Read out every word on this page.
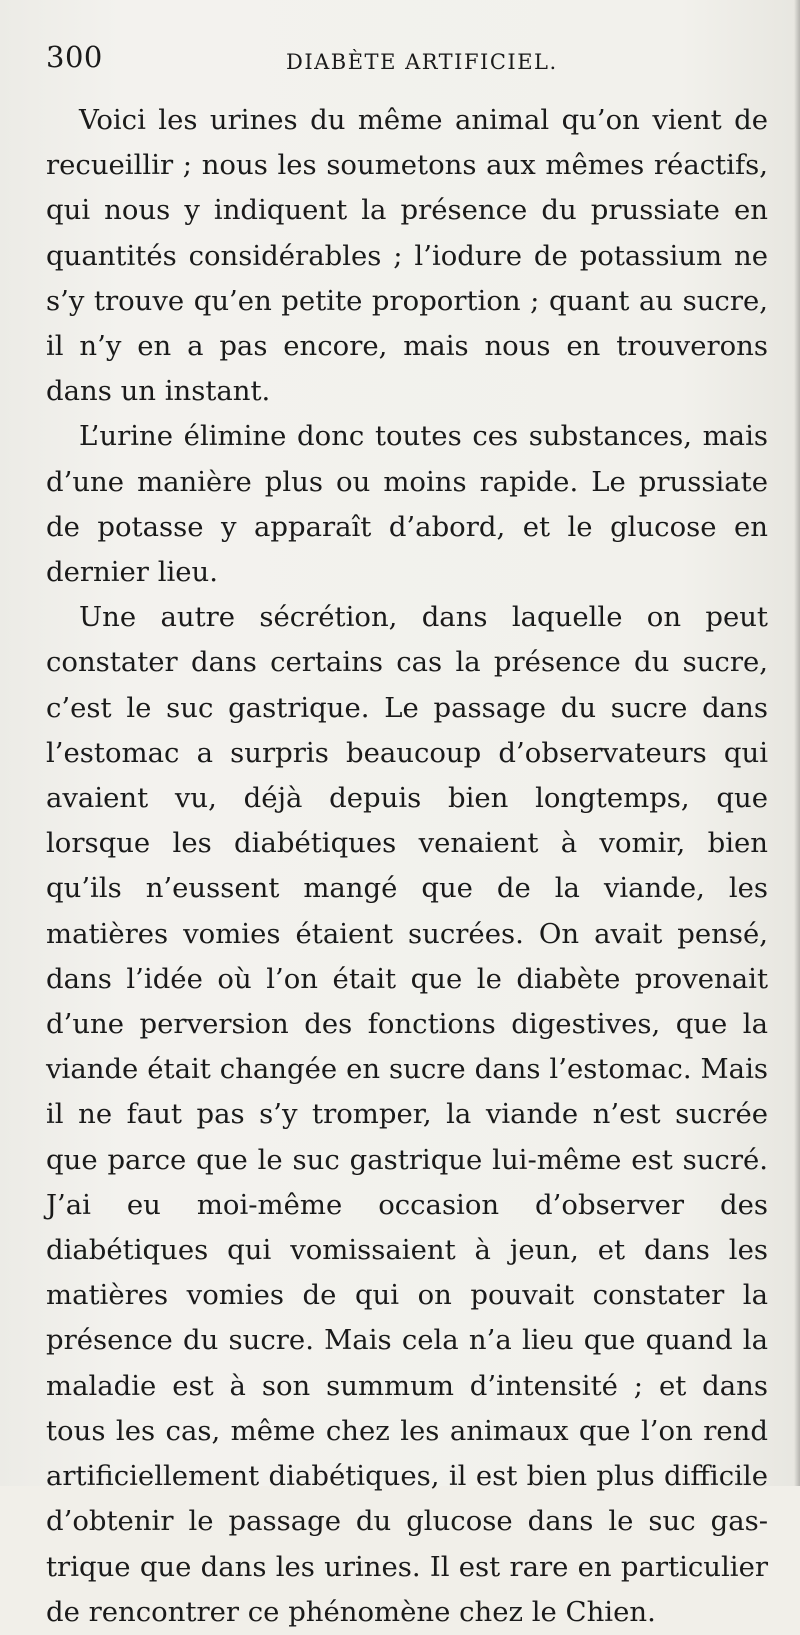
300	DIABÈTE ARTIFICIEL.

Voici les urines du même animal qu’on vient de recueillir ; nous les soumetons aux mêmes réactifs, qui nous y indiquent la présence du prussiate en quantités considérables ; l’iodure de potassium ne s’y trouve qu’en petite proportion ; quant au sucre, il n’y en a pas encore, mais nous en trouverons dans un instant.

L’urine élimine donc toutes ces substances, mais d’une manière plus ou moins rapide. Le prussiate de potasse y apparaît d’abord, et le glucose en dernier lieu.

Une autre sécrétion, dans laquelle on peut constater dans certains cas la présence du sucre, c’est le suc gastrique. Le passage du sucre dans l’estomac a surpris beaucoup d’observateurs qui avaient vu, déjà depuis bien longtemps, que lorsque les diabétiques venaient à vomir, bien qu’ils n’eussent mangé que de la viande, les matières vomies étaient sucrées. On avait pensé, dans l’idée où l’on était que le diabète provenait d’une perversion des fonctions digestives, que la viande était changée en sucre dans l’estomac. Mais il ne faut pas s’y tromper, la viande n’est sucrée que parce que le suc gastrique lui-même est sucré. J’ai eu moi-même occasion d’observer des diabétiques qui vomissaient à jeun, et dans les matières vomies de qui on pouvait constater la présence du sucre. Mais cela n’a lieu que quand la maladie est à son summum d’intensité ; et dans tous les cas, même chez les animaux que l’on rend artificiellement diabétiques, il est bien plus difficile d’obtenir le passage du glucose dans le suc gastrique que dans les urines. Il est rare en particulier de rencontrer ce phénomène chez le Chien.
